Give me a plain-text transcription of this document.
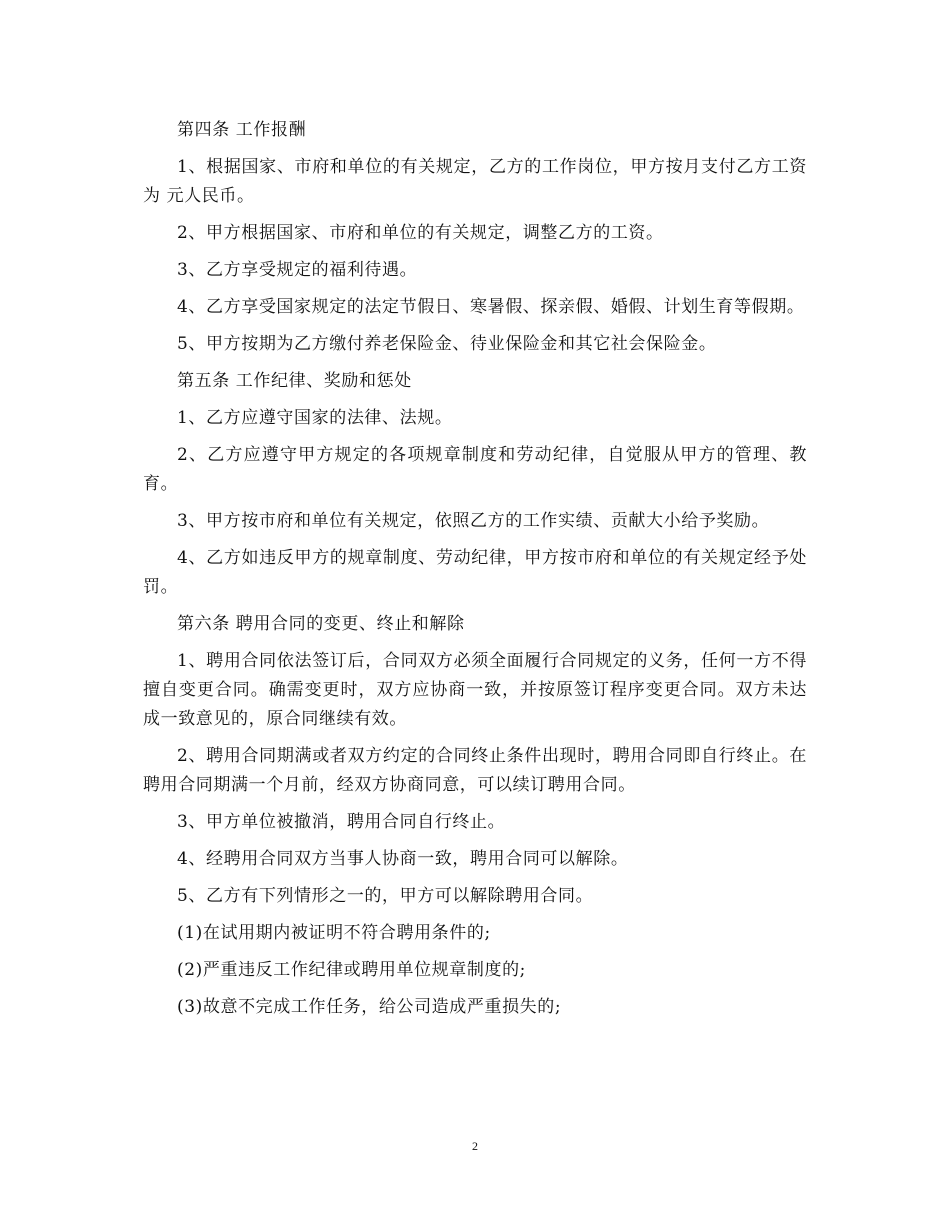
第四条 工作报酬

1、根据国家、市府和单位的有关规定，乙方的工作岗位，甲方按月支付乙方工资为 元人民币。

2、甲方根据国家、市府和单位的有关规定，调整乙方的工资。

3、乙方享受规定的福利待遇。

4、乙方享受国家规定的法定节假日、寒暑假、探亲假、婚假、计划生育等假期。

5、甲方按期为乙方缴付养老保险金、待业保险金和其它社会保险金。

第五条 工作纪律、奖励和惩处

1、乙方应遵守国家的法律、法规。

2、乙方应遵守甲方规定的各项规章制度和劳动纪律，自觉服从甲方的管理、教育。

3、甲方按市府和单位有关规定，依照乙方的工作实绩、贡献大小给予奖励。

4、乙方如违反甲方的规章制度、劳动纪律，甲方按市府和单位的有关规定经予处罚。

第六条 聘用合同的变更、终止和解除

1、聘用合同依法签订后，合同双方必须全面履行合同规定的义务，任何一方不得擅自变更合同。确需变更时，双方应协商一致，并按原签订程序变更合同。双方未达成一致意见的，原合同继续有效。

2、聘用合同期满或者双方约定的合同终止条件出现时，聘用合同即自行终止。在聘用合同期满一个月前，经双方协商同意，可以续订聘用合同。

3、甲方单位被撤消，聘用合同自行终止。

4、经聘用合同双方当事人协商一致，聘用合同可以解除。

5、乙方有下列情形之一的，甲方可以解除聘用合同。

(1)在试用期内被证明不符合聘用条件的;

(2)严重违反工作纪律或聘用单位规章制度的;

(3)故意不完成工作任务，给公司造成严重损失的;

2
